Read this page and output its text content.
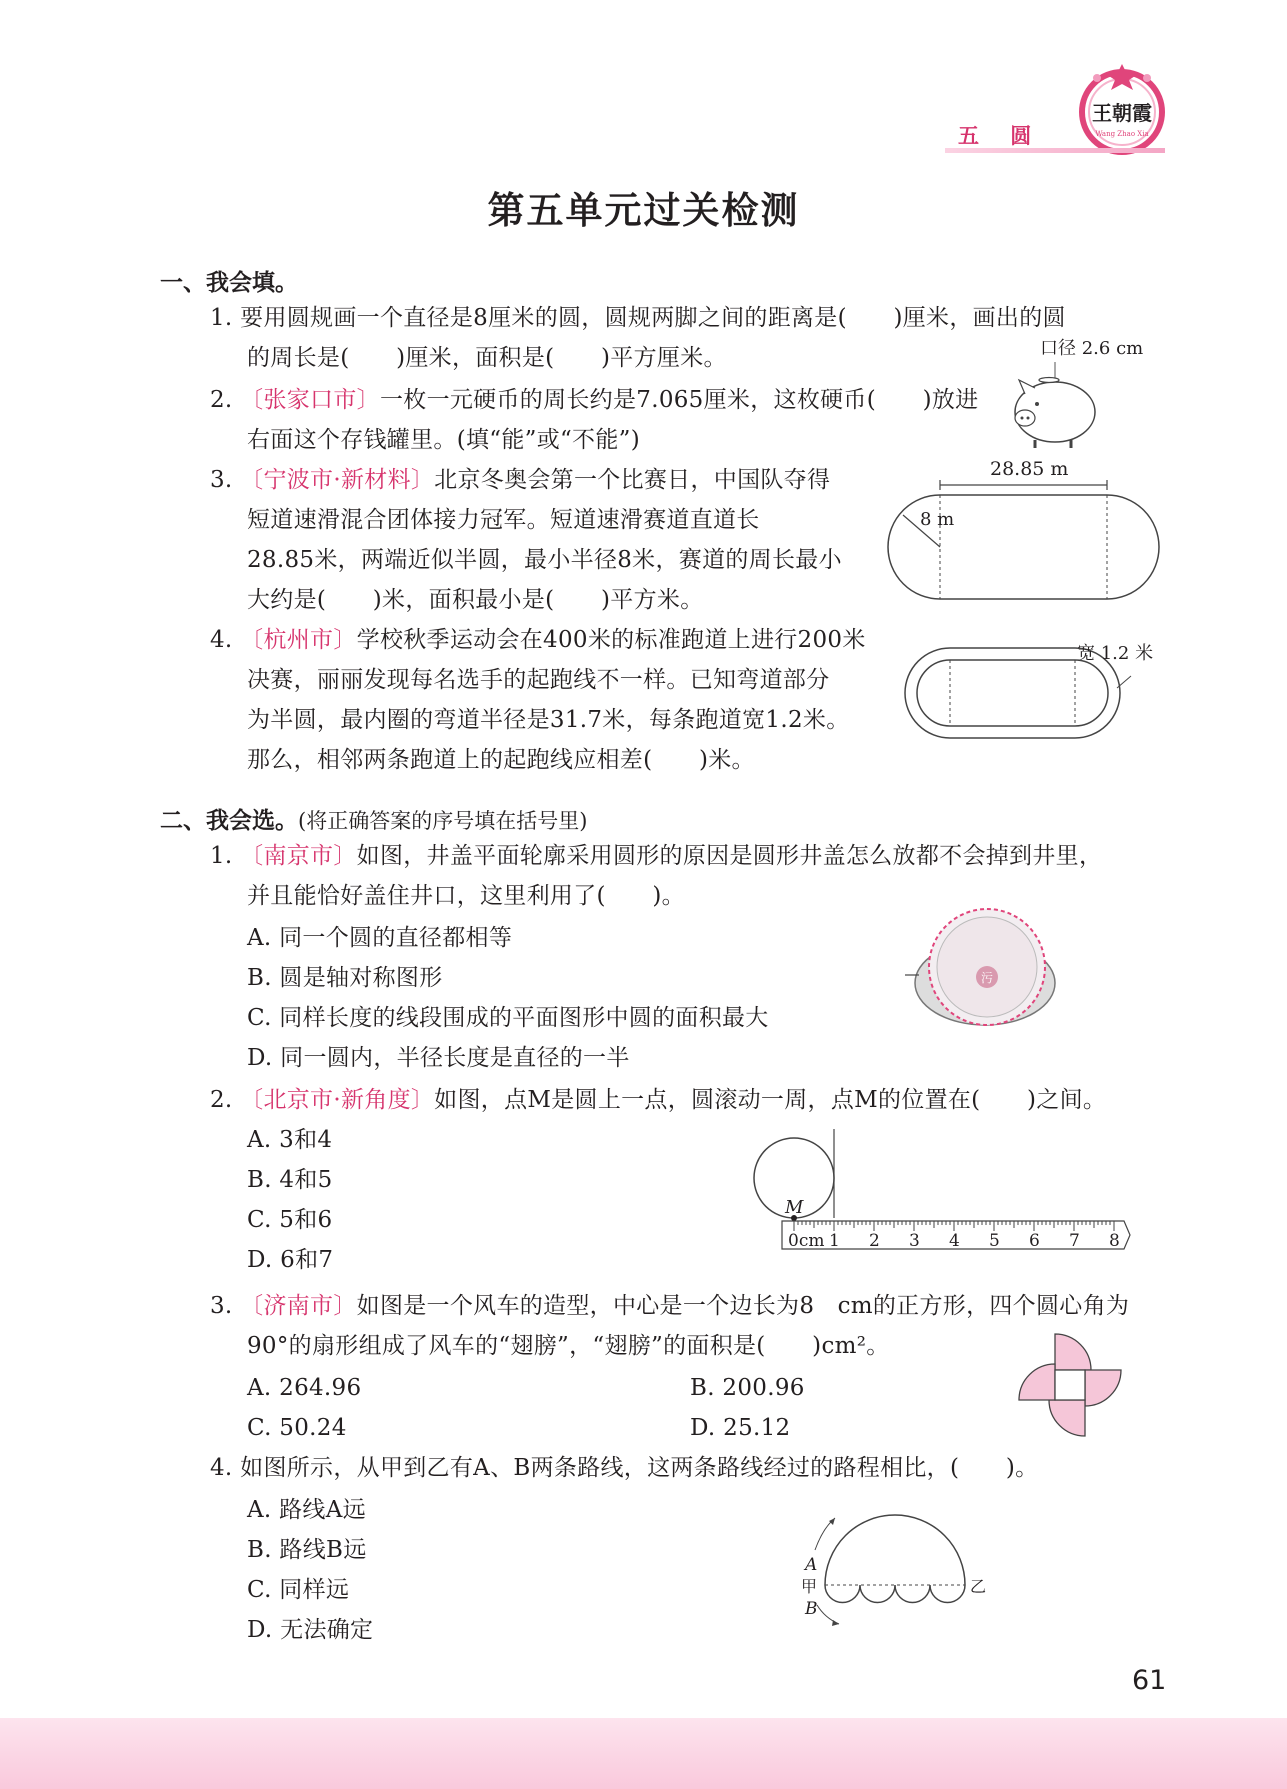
王朝霞
Wang Zhao Xia
五 圆
第五单元过关检测
一、我会填。
1. 要用圆规画一个直径是8厘米的圆，圆规两脚之间的距离是(　　)厘米，画出的圆
的周长是(　　)厘米，面积是(　　)平方厘米。
2. 〔张家口市〕一枚一元硬币的周长约是7.065厘米，这枚硬币(　　)放进
右面这个存钱罐里。(填“能”或“不能”)
口径 2.6 cm
3. 〔宁波市·新材料〕北京冬奥会第一个比赛日，中国队夺得
短道速滑混合团体接力冠军。短道速滑赛道直道长
28.85米，两端近似半圆，最小半径8米，赛道的周长最小
大约是(　　)米，面积最小是(　　)平方米。
28.85 m
8 m
4. 〔杭州市〕学校秋季运动会在400米的标准跑道上进行200米
决赛，丽丽发现每名选手的起跑线不一样。已知弯道部分
为半圆，最内圈的弯道半径是31.7米，每条跑道宽1.2米。
那么，相邻两条跑道上的起跑线应相差(　　)米。
宽 1.2 米
二、我会选。(将正确答案的序号填在括号里)
1. 〔南京市〕如图，井盖平面轮廓采用圆形的原因是圆形井盖怎么放都不会掉到井里，
并且能恰好盖住井口，这里利用了(　　)。
A. 同一个圆的直径都相等
B. 圆是轴对称图形
C. 同样长度的线段围成的平面图形中圆的面积最大
D. 同一圆内，半径长度是直径的一半
污
2. 〔北京市·新角度〕如图，点M是圆上一点，圆滚动一周，点M的位置在(　　)之间。
A. 3和4
B. 4和5
C. 5和6
D. 6和7
M
0cm 1 2 3 4 5 6 7 8
3. 〔济南市〕如图是一个风车的造型，中心是一个边长为8　cm的正方形，四个圆心角为
90°的扇形组成了风车的“翅膀”，“翅膀”的面积是(　　)cm²。
A. 264.96	B. 200.96
C. 50.24	D. 25.12
4. 如图所示，从甲到乙有A、B两条路线，这两条路线经过的路程相比，(　　)。
A. 路线A远
B. 路线B远
C. 同样远
D. 无法确定
A
甲
B
乙
61
